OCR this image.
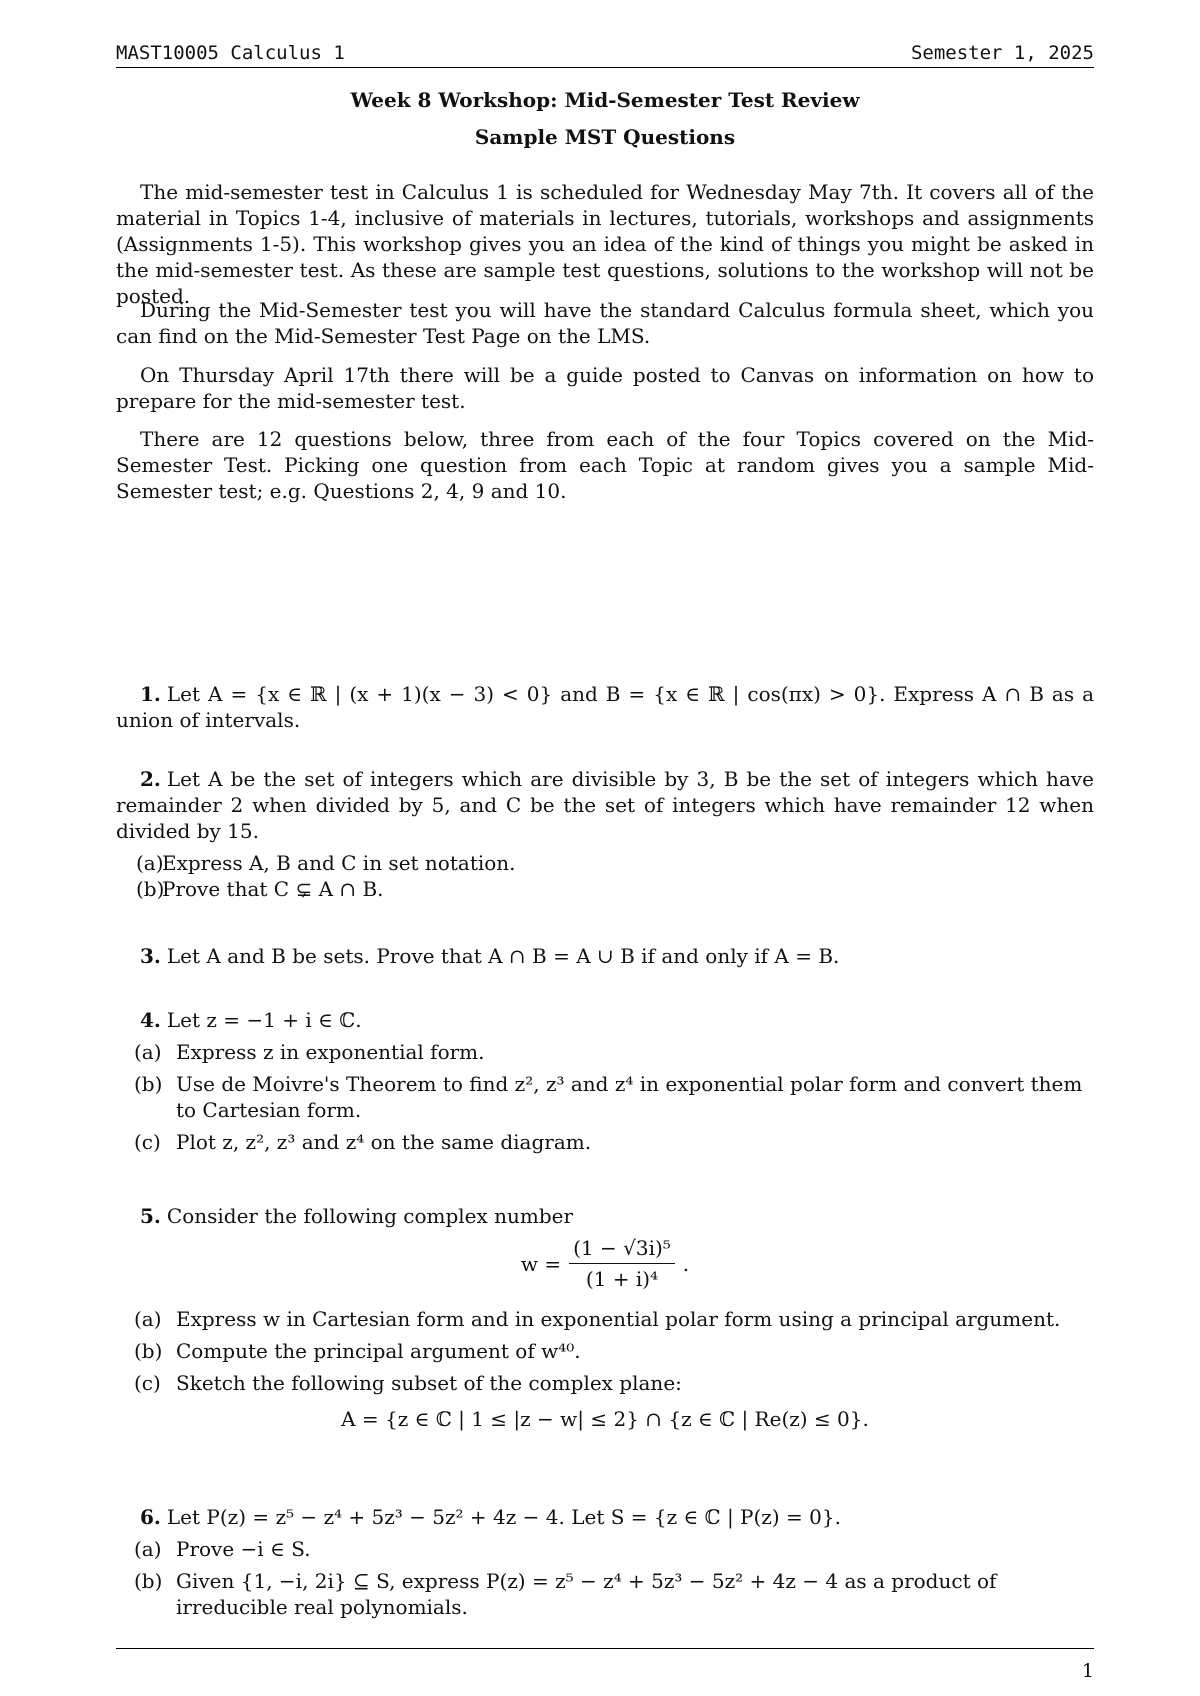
MAST10005 Calculus 1	Semester 1, 2025
Week 8 Workshop: Mid-Semester Test Review
Sample MST Questions
The mid-semester test in Calculus 1 is scheduled for Wednesday May 7th. It covers all of the material in Topics 1-4, inclusive of materials in lectures, tutorials, workshops and assignments (Assignments 1-5). This workshop gives you an idea of the kind of things you might be asked in the mid-semester test. As these are sample test questions, solutions to the workshop will not be posted.
During the Mid-Semester test you will have the standard Calculus formula sheet, which you can find on the Mid-Semester Test Page on the LMS.
On Thursday April 17th there will be a guide posted to Canvas on information on how to prepare for the mid-semester test.
There are 12 questions below, three from each of the four Topics covered on the Mid-Semester Test. Picking one question from each Topic at random gives you a sample Mid-Semester test; e.g. Questions 2, 4, 9 and 10.
1. Let A = {x ∈ ℝ | (x + 1)(x − 3) < 0} and B = {x ∈ ℝ | cos(πx) > 0}. Express A ∩ B as a union of intervals.
2. Let A be the set of integers which are divisible by 3, B be the set of integers which have remainder 2 when divided by 5, and C be the set of integers which have remainder 12 when divided by 15.
(a)
Express A, B and C in set notation.
(b)
Prove that C ⊊ A ∩ B.
3. Let A and B be sets. Prove that A ∩ B = A ∪ B if and only if A = B.
4. Let z = −1 + i ∈ ℂ.
(a) Express z in exponential form.
(b) Use de Moivre's Theorem to find z², z³ and z⁴ in exponential polar form and convert them to Cartesian form.
(c) Plot z, z², z³ and z⁴ on the same diagram.
5. Consider the following complex number
$w = \frac{\text{(1 − √3i)⁵}}{\text{(1 + i)⁴}}$ .
(a) Express w in Cartesian form and in exponential polar form using a principal argument.
(b) Compute the principal argument of w⁴⁰.
(c) Sketch the following subset of the complex plane:
A = {z ∈ ℂ | 1 ≤ |z − w| ≤ 2} ∩ {z ∈ ℂ | Re(z) ≤ 0}.
6. Let P(z) = z⁵ − z⁴ + 5z³ − 5z² + 4z − 4. Let S = {z ∈ ℂ | P(z) = 0}.
(a) Prove −i ∈ S.
(b) Given {1, −i, 2i} ⊆ S, express P(z) = z⁵ − z⁴ + 5z³ − 5z² + 4z − 4 as a product of irreducible real polynomials.
1
